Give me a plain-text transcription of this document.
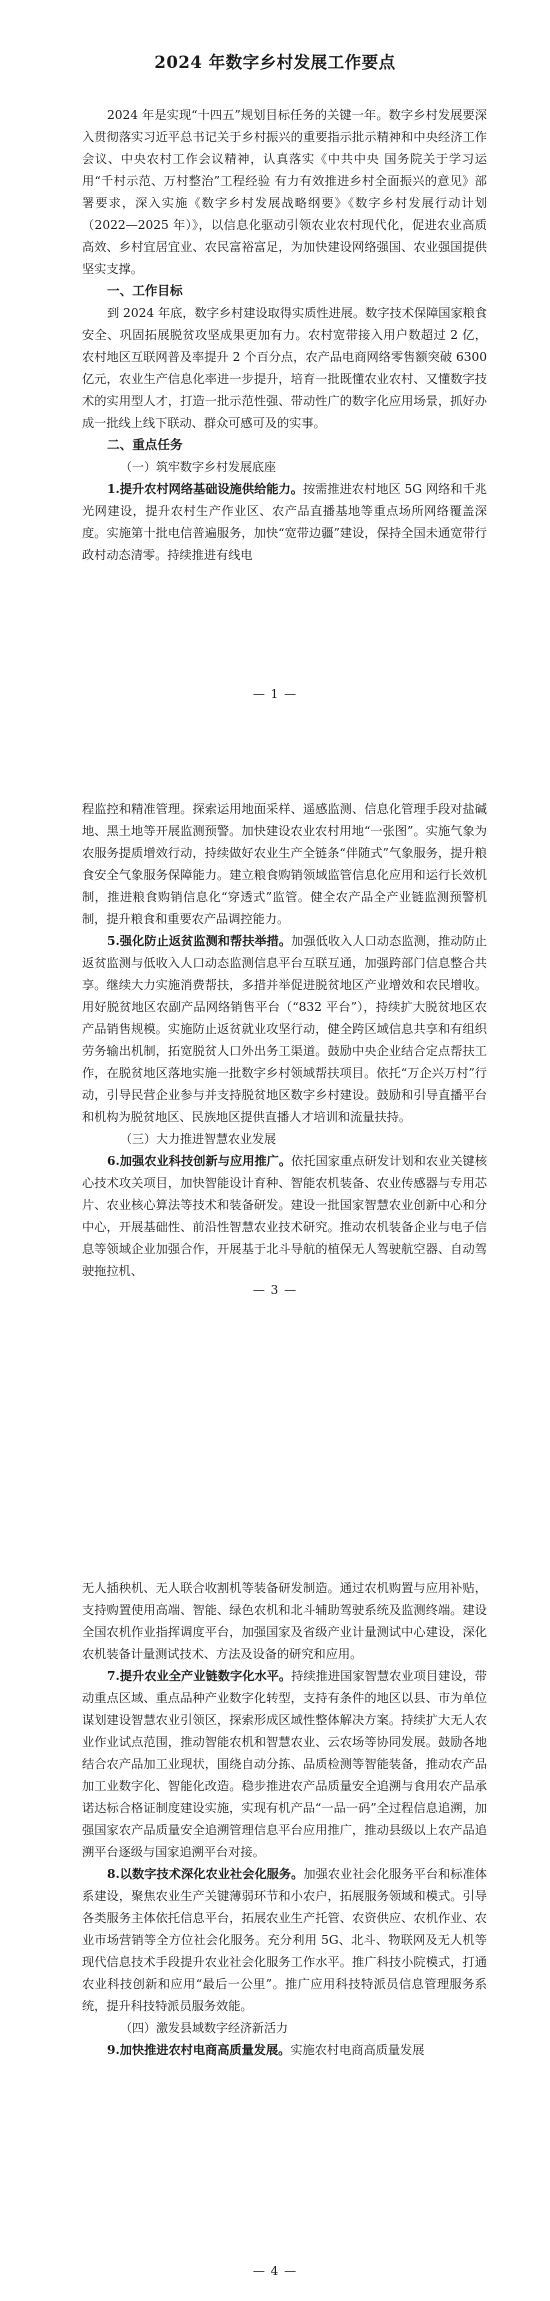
2024 年数字乡村发展工作要点

2024 年是实现“十四五”规划目标任务的关键一年。数字乡村发展要深入贯彻落实习近平总书记关于乡村振兴的重要指示批示精神和中央经济工作会议、中央农村工作会议精神，认真落实《中共中央 国务院关于学习运用“千村示范、万村整治”工程经验 有力有效推进乡村全面振兴的意见》部署要求，深入实施《数字乡村发展战略纲要》《数字乡村发展行动计划（2022—2025 年）》，以信息化驱动引领农业农村现代化，促进农业高质高效、乡村宜居宜业、农民富裕富足，为加快建设网络强国、农业强国提供坚实支撑。

一、工作目标

到 2024 年底，数字乡村建设取得实质性进展。数字技术保障国家粮食安全、巩固拓展脱贫攻坚成果更加有力。农村宽带接入用户数超过 2 亿，农村地区互联网普及率提升 2 个百分点，农产品电商网络零售额突破 6300 亿元，农业生产信息化率进一步提升，培育一批既懂农业农村、又懂数字技术的实用型人才，打造一批示范性强、带动性广的数字化应用场景，抓好办成一批线上线下联动、群众可感可及的实事。

二、重点任务

（一）筑牢数字乡村发展底座

1.提升农村网络基础设施供给能力。按需推进农村地区 5G 网络和千兆光网建设，提升农村生产作业区、农产品直播基地等重点场所网络覆盖深度。实施第十批电信普遍服务，加快“宽带边疆”建设，保持全国未通宽带行政村动态清零。持续推进有线电

— 1 —

程监控和精准管理。探索运用地面采样、遥感监测、信息化管理手段对盐碱地、黑土地等开展监测预警。加快建设农业农村用地“一张图”。实施气象为农服务提质增效行动，持续做好农业生产全链条“伴随式”气象服务，提升粮食安全气象服务保障能力。建立粮食购销领域监管信息化应用和运行长效机制，推进粮食购销信息化“穿透式”监管。健全农产品全产业链监测预警机制，提升粮食和重要农产品调控能力。

5.强化防止返贫监测和帮扶举措。加强低收入人口动态监测，推动防止返贫监测与低收入人口动态监测信息平台互联互通，加强跨部门信息整合共享。继续大力实施消费帮扶，多措并举促进脱贫地区产业增效和农民增收。用好脱贫地区农副产品网络销售平台（“832 平台”），持续扩大脱贫地区农产品销售规模。实施防止返贫就业攻坚行动，健全跨区域信息共享和有组织劳务输出机制，拓宽脱贫人口外出务工渠道。鼓励中央企业结合定点帮扶工作，在脱贫地区落地实施一批数字乡村领域帮扶项目。依托“万企兴万村”行动，引导民营企业参与并支持脱贫地区数字乡村建设。鼓励和引导直播平台和机构为脱贫地区、民族地区提供直播人才培训和流量扶持。

（三）大力推进智慧农业发展

6.加强农业科技创新与应用推广。依托国家重点研发计划和农业关键核心技术攻关项目，加快智能设计育种、智能农机装备、农业传感器与专用芯片、农业核心算法等技术和装备研发。建设一批国家智慧农业创新中心和分中心，开展基础性、前沿性智慧农业技术研究。推动农机装备企业与电子信息等领域企业加强合作，开展基于北斗导航的植保无人驾驶航空器、自动驾驶拖拉机、

— 3 —

无人插秧机、无人联合收割机等装备研发制造。通过农机购置与应用补贴，支持购置使用高端、智能、绿色农机和北斗辅助驾驶系统及监测终端。建设全国农机作业指挥调度平台，加强国家及省级产业计量测试中心建设，深化农机装备计量测试技术、方法及设备的研究和应用。

7.提升农业全产业链数字化水平。持续推进国家智慧农业项目建设，带动重点区域、重点品种产业数字化转型，支持有条件的地区以县、市为单位谋划建设智慧农业引领区，探索形成区域性整体解决方案。持续扩大无人农业作业试点范围，推动智能农机和智慧农业、云农场等协同发展。鼓励各地结合农产品加工业现状，围绕自动分拣、品质检测等智能装备，推动农产品加工业数字化、智能化改造。稳步推进农产品质量安全追溯与食用农产品承诺达标合格证制度建设实施，实现有机产品“一品一码”全过程信息追溯，加强国家农产品质量安全追溯管理信息平台应用推广，推动县级以上农产品追溯平台逐级与国家追溯平台对接。

8.以数字技术深化农业社会化服务。加强农业社会化服务平台和标准体系建设，聚焦农业生产关键薄弱环节和小农户，拓展服务领域和模式。引导各类服务主体依托信息平台，拓展农业生产托管、农资供应、农机作业、农业市场营销等全方位社会化服务。充分利用 5G、北斗、物联网及无人机等现代信息技术手段提升农业社会化服务工作水平。推广科技小院模式，打通农业科技创新和应用“最后一公里”。推广应用科技特派员信息管理服务系统，提升科技特派员服务效能。

（四）激发县域数字经济新活力

9.加快推进农村电商高质量发展。实施农村电商高质量发展

— 4 —
